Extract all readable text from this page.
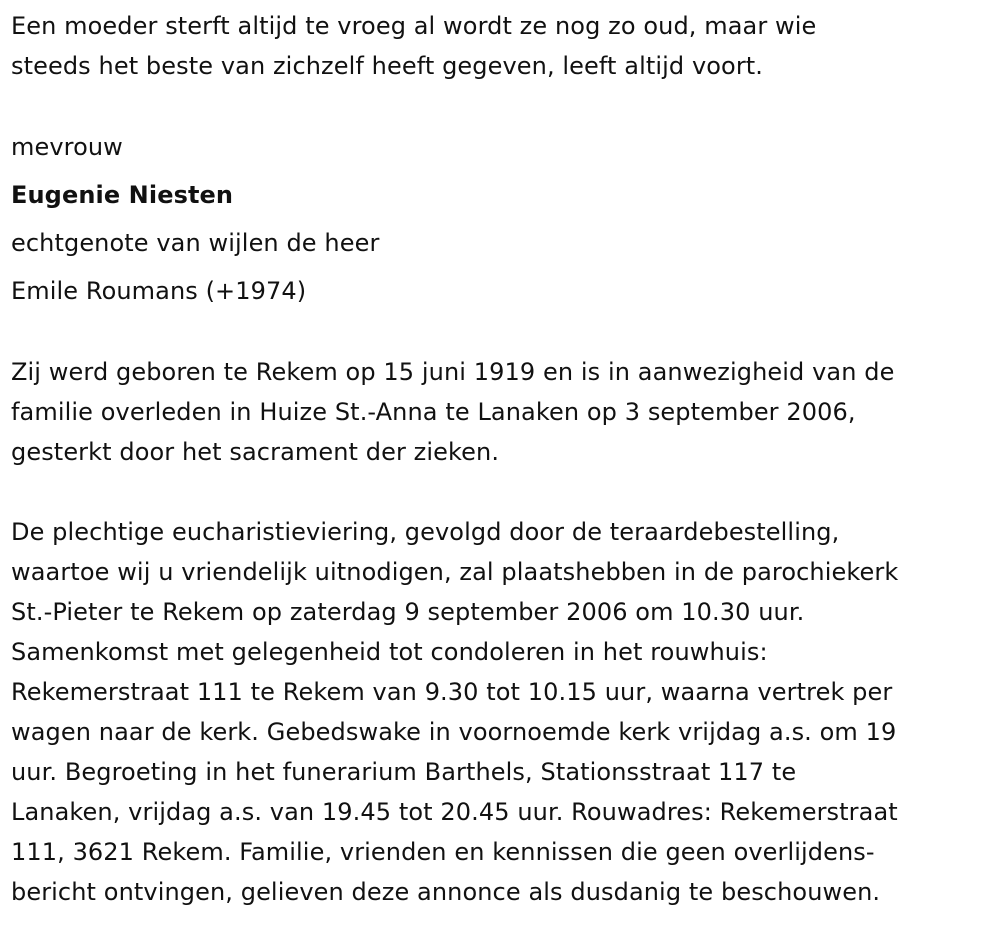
Een moeder sterft altijd te vroeg al wordt ze nog zo oud, maar wie
steeds het beste van zichzelf heeft gegeven, leeft altijd voort.
mevrouw
Eugenie Niesten
echtgenote van wijlen de heer
Emile Roumans (+1974)
Zij werd geboren te Rekem op 15 juni 1919 en is in aanwezigheid van de
familie overleden in Huize St.-Anna te Lanaken op 3 september 2006,
gesterkt door het sacrament der zieken.
De plechtige eucharistieviering, gevolgd door de teraardebestelling,
waartoe wij u vriendelijk uitnodigen, zal plaatshebben in de parochiekerk
St.-Pieter te Rekem op zaterdag 9 september 2006 om 10.30 uur.
Samenkomst met gelegenheid tot condoleren in het rouwhuis:
Rekemerstraat 111 te Rekem van 9.30 tot 10.15 uur, waarna vertrek per
wagen naar de kerk. Gebedswake in voornoemde kerk vrijdag a.s. om 19
uur. Begroeting in het funerarium Barthels, Stationsstraat 117 te
Lanaken, vrijdag a.s. van 19.45 tot 20.45 uur. Rouwadres: Rekemerstraat
111, 3621 Rekem. Familie, vrienden en kennissen die geen overlijdens-
bericht ontvingen, gelieven deze annonce als dusdanig te beschouwen.
